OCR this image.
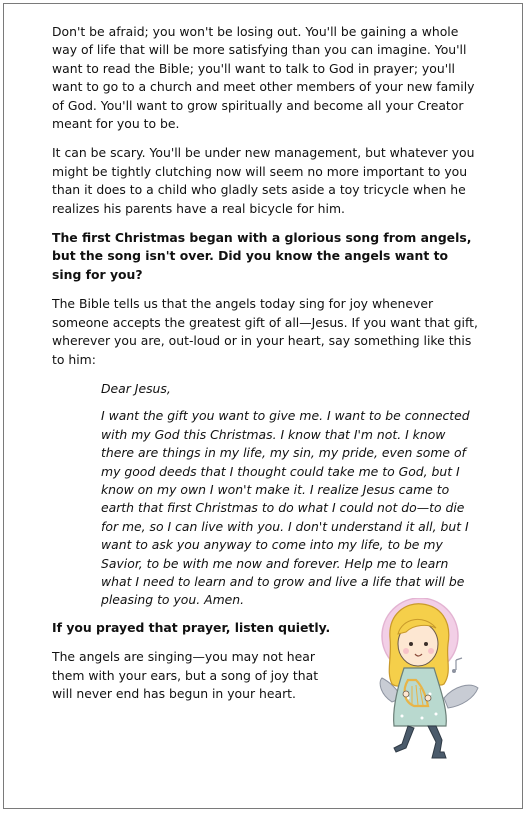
Don't be afraid; you won't be losing out. You'll be gaining a whole way of life that will be more satisfying than you can imagine. You'll want to read the Bible; you'll want to talk to God in prayer; you'll want to go to a church and meet other members of your new family of God. You'll want to grow spiritually and become all your Creator meant for you to be.

It can be scary. You'll be under new management, but whatever you might be tightly clutching now will seem no more important to you than it does to a child who gladly sets aside a toy tricycle when he realizes his parents have a real bicycle for him.

The first Christmas began with a glorious song from angels, but the song isn't over. Did you know the angels want to sing for you?

The Bible tells us that the angels today sing for joy whenever someone accepts the greatest gift of all—Jesus. If you want that gift, wherever you are, out-loud or in your heart, say something like this to him:

Dear Jesus,

I want the gift you want to give me. I want to be connected with my God this Christmas. I know that I'm not. I know there are things in my life, my sin, my pride, even some of my good deeds that I thought could take me to God, but I know on my own I won't make it. I realize Jesus came to earth that first Christmas to do what I could not do—to die for me, so I can live with you. I don't understand it all, but I want to ask you anyway to come into my life, to be my Savior, to be with me now and forever. Help me to learn what I need to learn and to grow and live a life that will be pleasing to you. Amen.

If you prayed that prayer, listen quietly.

The angels are singing—you may not hear them with your ears, but a song of joy that will never end has begun in your heart.
